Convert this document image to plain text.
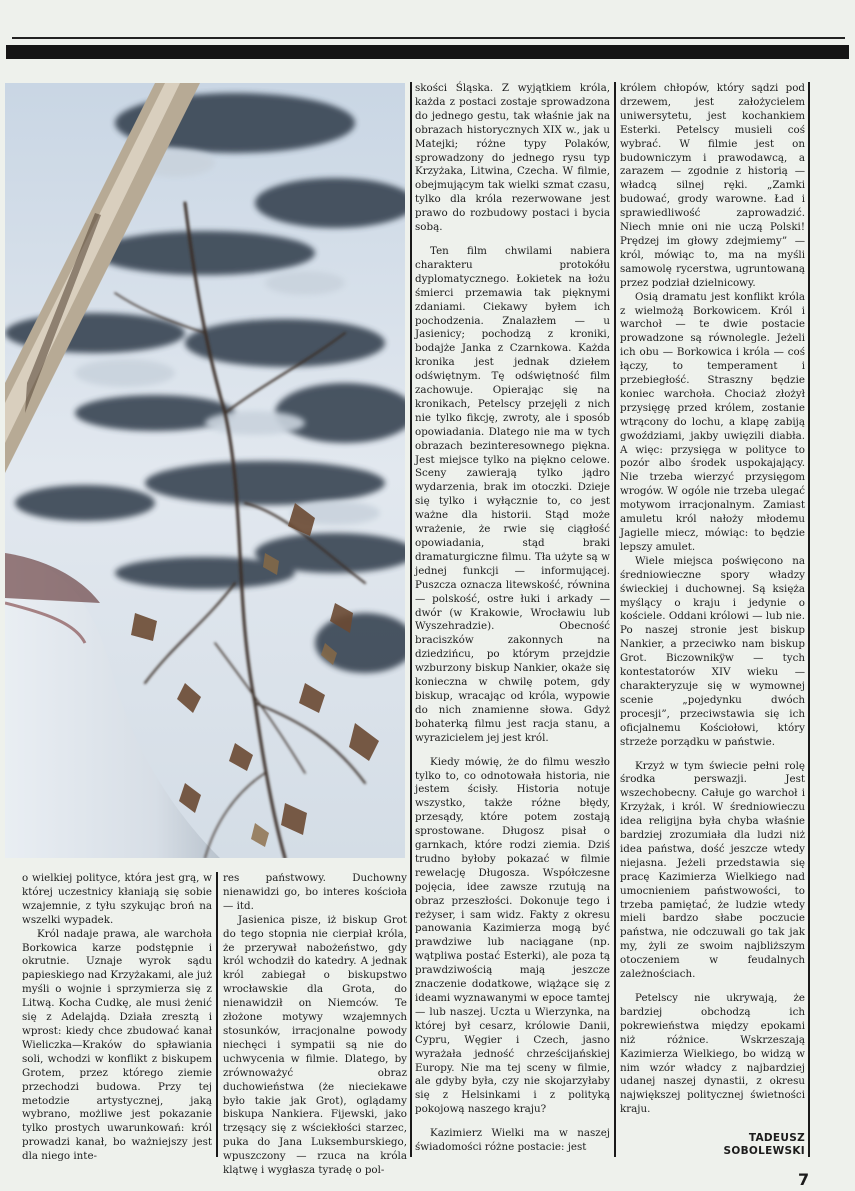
o wielkiej polityce, która jest grą, w której uczestnicy kłaniają się sobie wzajemnie, z tyłu szykując broń na wszelki wypadek.

Król nadaje prawa, ale warchoła Borkowica karze podstępnie i okrutnie. Uznaje wyrok sądu papieskiego nad Krzyżakami, ale już myśli o wojnie i sprzymierza się z Litwą. Kocha Cudkę, ale musi żenić się z Adelajdą. Działa zresztą i wprost: kiedy chce zbudować kanał Wieliczka—Kraków do spławiania soli, wchodzi w konflikt z biskupem Grotem, przez którego ziemie przechodzi budowa. Przy tej metodzie artystycznej, jaką wybrano, możliwe jest pokazanie tylko prostych uwarunkowań: król prowadzi kanał, bo ważniejszy jest dla niego inte-

res państwowy. Duchowny nienawidzi go, bo interes kościoła — itd.

Jasienica pisze, iż biskup Grot do tego stopnia nie cierpiał króla, że przerywał nabożeństwo, gdy król wchodził do katedry. A jednak król zabiegał o biskupstwo wrocławskie dla Grota, do nienawidził on Niemców. Te złożone motywy wzajemnych stosunków, irracjonalne powody niechęci i sympatii są nie do uchwycenia w filmie. Dlatego, by zrównoważyć obraz duchowieństwa (że nieciekawe było takie jak Grot), oglądamy biskupa Nankiera. Fijewski, jako trzęsący się z wściekłości starzec, puka do Jana Luksemburskiego, wpuszczony — rzuca na króla klątwę i wygłasza tyradę o pol-

skości Śląska. Z wyjątkiem króla, każda z postaci zostaje sprowadzona do jednego gestu, tak właśnie jak na obrazach historycznych XIX w., jak u Matejki; różne typy Polaków, sprowadzony do jednego rysu typ Krzyżaka, Litwina, Czecha. W filmie, obejmującym tak wielki szmat czasu, tylko dla króla rezerwowane jest prawo do rozbudowy postaci i bycia sobą.

Ten film chwilami nabiera charakteru protokółu dyplomatycznego. Łokietek na łożu śmierci przemawia tak pięknymi zdaniami. Ciekawy byłem ich pochodzenia. Znalazłem — u Jasienicy; pochodzą z kroniki, bodajże Janka z Czarnkowa. Każda kronika jest jednak dziełem odświętnym. Tę odświętność film zachowuje. Opierając się na kronikach, Petelscy przejęli z nich nie tylko fikcję, zwroty, ale i sposób opowiadania. Dlatego nie ma w tych obrazach bezinteresownego piękna. Jest miejsce tylko na piękno celowe. Sceny zawierają tylko jądro wydarzenia, brak im otoczki. Dzieje się tylko i wyłącznie to, co jest ważne dla historii. Stąd może wrażenie, że rwie się ciągłość opowiadania, stąd braki dramaturgiczne filmu. Tła użyte są w jednej funkcji — informującej. Puszcza oznacza litewskość, równina — polskość, ostre łuki i arkady — dwór (w Krakowie, Wrocławiu lub Wyszehradzie). Obecność braciszków zakonnych na dziedzińcu, po którym przejdzie wzburzony biskup Nankier, okaże się konieczna w chwilę potem, gdy biskup, wracając od króla, wypowie do nich znamienne słowa. Gdyż bohaterką filmu jest racja stanu, a wyrazicielem jej jest król.

Kiedy mówię, że do filmu weszło tylko to, co odnotowała historia, nie jestem ścisły. Historia notuje wszystko, także różne błędy, przesądy, które potem zostają sprostowane. Długosz pisał o garnkach, które rodzi ziemia. Dziś trudno byłoby pokazać w filmie rewelację Długosza. Współczesne pojęcia, idee zawsze rzutują na obraz przeszłości. Dokonuje tego i reżyser, i sam widz. Fakty z okresu panowania Kazimierza mogą być prawdziwe lub naciągane (np. wątpliwa postać Esterki), ale poza tą prawdziwością mają jeszcze znaczenie dodatkowe, wiążące się z ideami wyznawanymi w epoce tamtej — lub naszej. Uczta u Wierzynka, na której był cesarz, królowie Danii, Cypru, Węgier i Czech, jasno wyrażała jedność chrześcijańskiej Europy. Nie ma tej sceny w filmie, ale gdyby była, czy nie skojarzyłaby się z Helsinkami i z polityką pokojową naszego kraju?

Kazimierz Wielki ma w naszej świadomości różne postacie: jest

królem chłopów, który sądzi pod drzewem, jest założycielem uniwersytetu, jest kochankiem Esterki. Petelscy musieli coś wybrać. W filmie jest on budowniczym i prawodawcą, a zarazem — zgodnie z historią — władcą silnej ręki. „Zamki budować, grody warowne. Ład i sprawiedliwość zaprowadzić. Niech mnie oni nie uczą Polski! Prędzej im głowy zdejmiemy” — król, mówiąc to, ma na myśli samowolę rycerstwa, ugruntowaną przez podział dzielnicowy.

Osią dramatu jest konflikt króla z wielmożą Borkowicem. Król i warchoł — te dwie postacie prowadzone są równolegle. Jeżeli ich obu — Borkowica i króla — coś łączy, to temperament i przebiegłość. Straszny będzie koniec warchoła. Chociaż złożył przysięgę przed królem, zostanie wtrącony do lochu, a klapę zabiją gwoździami, jakby uwięzili diabła. A więc: przysięga w polityce to pozór albo środek uspokajający. Nie trzeba wierzyć przysięgom wrogów. W ogóle nie trzeba ulegać motywom irracjonalnym. Zamiast amuletu król nałoży młodemu Jagielle miecz, mówiąc: to będzie lepszy amulet.

Wiele miejsca poświęcono na średniowieczne spory władzy świeckiej i duchownej. Są księża myślący o kraju i jedynie o kościele. Oddani królowi — lub nie. Po naszej stronie jest biskup Nankier, a przeciwko nam biskup Grot. Biczownikÿw — tych kontestatorów XIV wieku — charakteryzuje się w wymownej scenie „pojedynku dwóch procesji”, przeciwstawia się ich oficjalnemu Kościołowi, który strzeże porządku w państwie.

Krzyż w tym świecie pełni rolę środka perswazji. Jest wszechobecny. Całuje go warchoł i Krzyżak, i król. W średniowieczu idea religijna była chyba właśnie bardziej zrozumiała dla ludzi niż idea państwa, dość jeszcze wtedy niejasna. Jeżeli przedstawia się pracę Kazimierza Wielkiego nad umocnieniem państwowości, to trzeba pamiętać, że ludzie wtedy mieli bardzo słabe poczucie państwa, nie odczuwali go tak jak my, żyli ze swoim najbliższym otoczeniem w feudalnych zależnościach.

Petelscy nie ukrywają, że bardziej obchodzą ich pokrewieństwa między epokami niż różnice. Wskrzeszają Kazimierza Wielkiego, bo widzą w nim wzór władcy z najbardziej udanej naszej dynastii, z okresu największej politycznej świetności kraju.

TADEUSZ
SOBOLEWSKI
7
